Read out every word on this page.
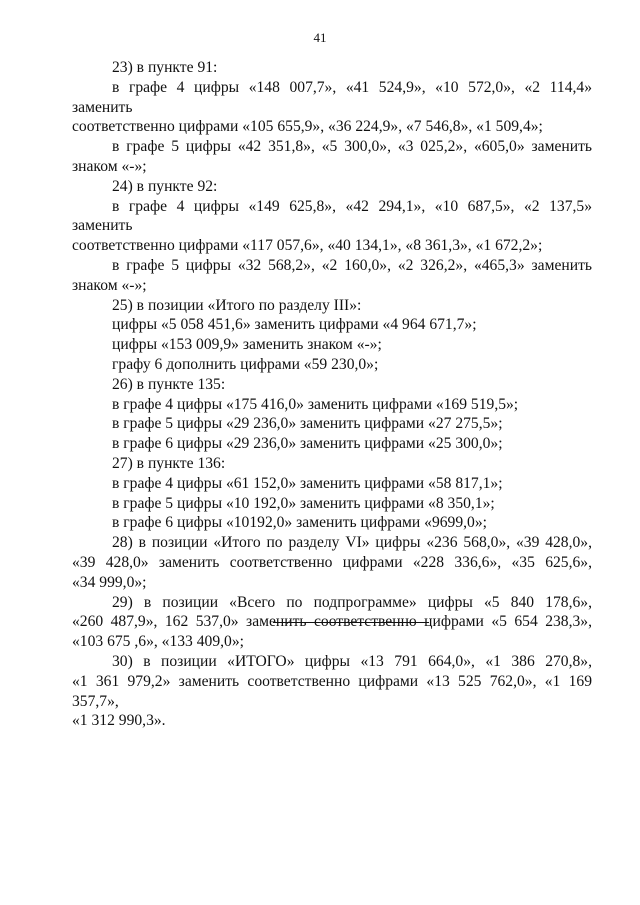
41

23) в пункте 91:

в графе 4 цифры «148 007,7», «41 524,9», «10 572,0», «2 114,4» заменить

соответственно цифрами «105 655,9», «36 224,9», «7 546,8», «1 509,4»;

в графе 5 цифры «42 351,8», «5 300,0», «3 025,2», «605,0» заменить

знаком «-»;

24) в пункте 92:

в графе 4 цифры «149 625,8», «42 294,1», «10 687,5», «2 137,5» заменить

соответственно цифрами «117 057,6», «40 134,1», «8 361,3», «1 672,2»;

в графе 5 цифры «32 568,2», «2 160,0», «2 326,2», «465,3» заменить

знаком «-»;

25) в позиции «Итого по разделу III»:

цифры «5 058 451,6» заменить цифрами «4 964 671,7»;

цифры «153 009,9» заменить знаком «-»;

графу 6 дополнить цифрами «59 230,0»;

26) в пункте 135:

в графе 4 цифры «175 416,0» заменить цифрами «169 519,5»;

в графе 5 цифры «29 236,0» заменить цифрами «27 275,5»;

в графе 6 цифры «29 236,0» заменить цифрами «25 300,0»;

27) в пункте 136:

в графе 4 цифры «61 152,0» заменить цифрами «58 817,1»;

в графе 5 цифры «10 192,0» заменить цифрами «8 350,1»;

в графе 6 цифры «10192,0» заменить цифрами «9699,0»;

28) в позиции «Итого по разделу VI» цифры «236 568,0», «39 428,0»,

«39 428,0» заменить соответственно цифрами «228 336,6», «35 625,6»,

«34 999,0»;

29) в позиции «Всего по подпрограмме» цифры «5 840 178,6»,

«260 487,9», 162 537,0» заменить соответственно цифрами «5 654 238,3»,

«103 675 ,6», «133 409,0»;

30) в позиции «ИТОГО» цифры «13 791 664,0», «1 386 270,8»,

«1 361 979,2» заменить соответственно цифрами «13 525 762,0», «1 169 357,7»,

«1 312 990,3».
